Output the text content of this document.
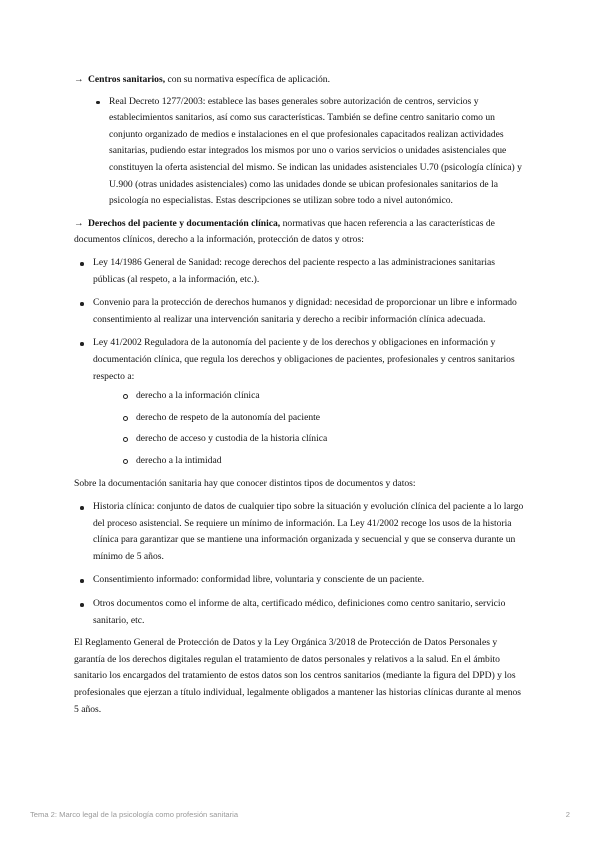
→ Centros sanitarios, con su normativa específica de aplicación.

Real Decreto 1277/2003: establece las bases generales sobre autorización de centros, servicios y establecimientos sanitarios, así como sus características. También se define centro sanitario como un conjunto organizado de medios e instalaciones en el que profesionales capacitados realizan actividades sanitarias, pudiendo estar integrados los mismos por uno o varios servicios o unidades asistenciales que constituyen la oferta asistencial del mismo. Se indican las unidades asistenciales U.70 (psicología clínica) y U.900 (otras unidades asistenciales) como las unidades donde se ubican profesionales sanitarios de la psicología no especialistas. Estas descripciones se utilizan sobre todo a nivel autonómico.

→ Derechos del paciente y documentación clínica, normativas que hacen referencia a las características de documentos clínicos, derecho a la información, protección de datos y otros:

Ley 14/1986 General de Sanidad: recoge derechos del paciente respecto a las administraciones sanitarias públicas (al respeto, a la información, etc.).
Convenio para la protección de derechos humanos y dignidad: necesidad de proporcionar un libre e informado consentimiento al realizar una intervención sanitaria y derecho a recibir información clínica adecuada.
Ley 41/2002 Reguladora de la autonomía del paciente y de los derechos y obligaciones en información y documentación clínica, que regula los derechos y obligaciones de pacientes, profesionales y centros sanitarios respecto a:
derecho a la información clínica
derecho de respeto de la autonomía del paciente
derecho de acceso y custodia de la historia clínica
derecho a la intimidad

Sobre la documentación sanitaria hay que conocer distintos tipos de documentos y datos:

Historia clínica: conjunto de datos de cualquier tipo sobre la situación y evolución clínica del paciente a lo largo del proceso asistencial. Se requiere un mínimo de información. La Ley 41/2002 recoge los usos de la historia clínica para garantizar que se mantiene una información organizada y secuencial y que se conserva durante un mínimo de 5 años.
Consentimiento informado: conformidad libre, voluntaria y consciente de un paciente.
Otros documentos como el informe de alta, certificado médico, definiciones como centro sanitario, servicio sanitario, etc.

El Reglamento General de Protección de Datos y la Ley Orgánica 3/2018 de Protección de Datos Personales y garantía de los derechos digitales regulan el tratamiento de datos personales y relativos a la salud. En el ámbito sanitario los encargados del tratamiento de estos datos son los centros sanitarios (mediante la figura del DPD) y los profesionales que ejerzan a título individual, legalmente obligados a mantener las historias clínicas durante al menos 5 años.

Tema 2: Marco legal de la psicología como profesión sanitaria	2
